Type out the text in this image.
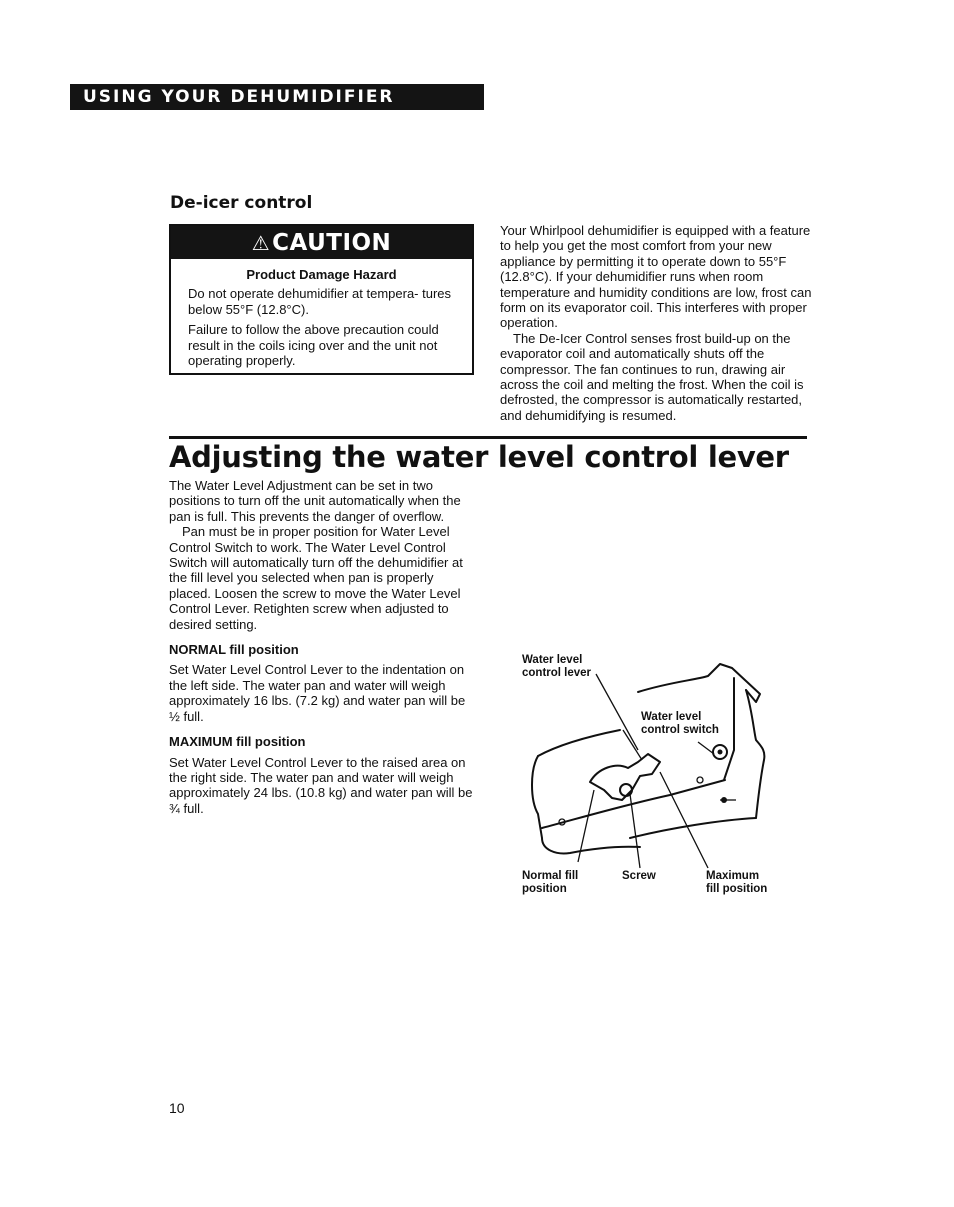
USING YOUR DEHUMIDIFIER
De-icer control
⚠CAUTION
Product Damage Hazard

Do not operate dehumidifier at tempera- tures below 55°F (12.8°C).

Failure to follow the above precaution could result in the coils icing over and the unit not operating properly.

Your Whirlpool dehumidifier is equipped with a feature to help you get the most comfort from your new appliance by permitting it to operate down to 55°F (12.8°C). If your dehumidifier runs when room temperature and humidity conditions are low, frost can form on its evaporator coil. This interferes with proper operation.

The De-Icer Control senses frost build-up on the evaporator coil and automatically shuts off the compressor. The fan continues to run, drawing air across the coil and melting the frost. When the coil is defrosted, the compressor is automatically restarted, and dehumidifying is resumed.

Adjusting the water level control lever

The Water Level Adjustment can be set in two positions to turn off the unit automatically when the pan is full. This prevents the danger of overflow.

Pan must be in proper position for Water Level Control Switch to work. The Water Level Control Switch will automatically turn off the dehumidifier at the fill level you selected when pan is properly placed. Loosen the screw to move the Water Level Control Lever. Retighten screw when adjusted to desired setting.

NORMAL fill position

Set Water Level Control Lever to the indentation on the left side. The water pan and water will weigh approximately 16 lbs. (7.2 kg) and water pan will be ½ full.

MAXIMUM fill position

Set Water Level Control Lever to the raised area on the right side. The water pan and water will weigh approximately 24 lbs. (10.8 kg) and water pan will be ¾ full.

Water level
control lever
Water level
control switch
Normal fill
position
Screw	Maximum
fill position
10
